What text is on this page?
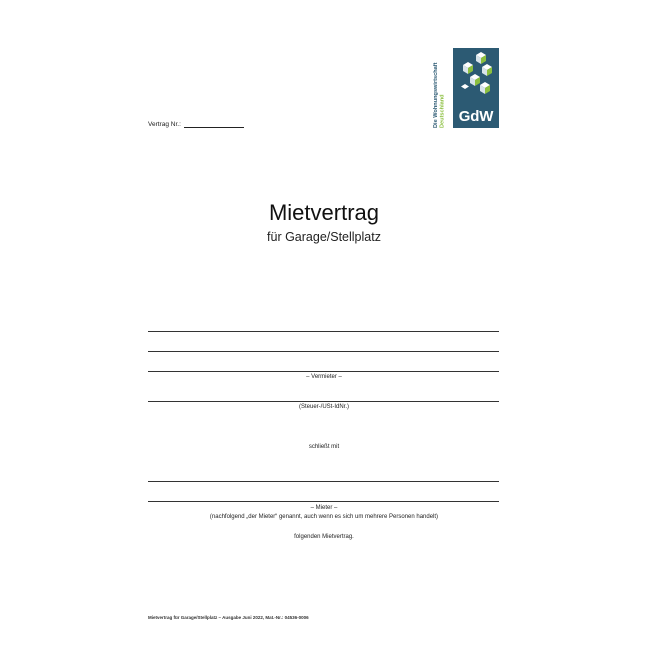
Vertrag Nr.:	Die Wohnungswirtschaft Deutschland GdW
Mietvertrag
für Garage/Stellplatz
– Vermieter –
(Steuer-/USt-IdNr.)
schließt mit
– Mieter –
(nachfolgend „der Mieter“ genannt, auch wenn es sich um mehrere Personen handelt)
folgenden Mietvertrag.
Mietvertrag für Garage/Stellplatz – Ausgabe Juni 2022, Mat.-Nr.: 04536-0006
